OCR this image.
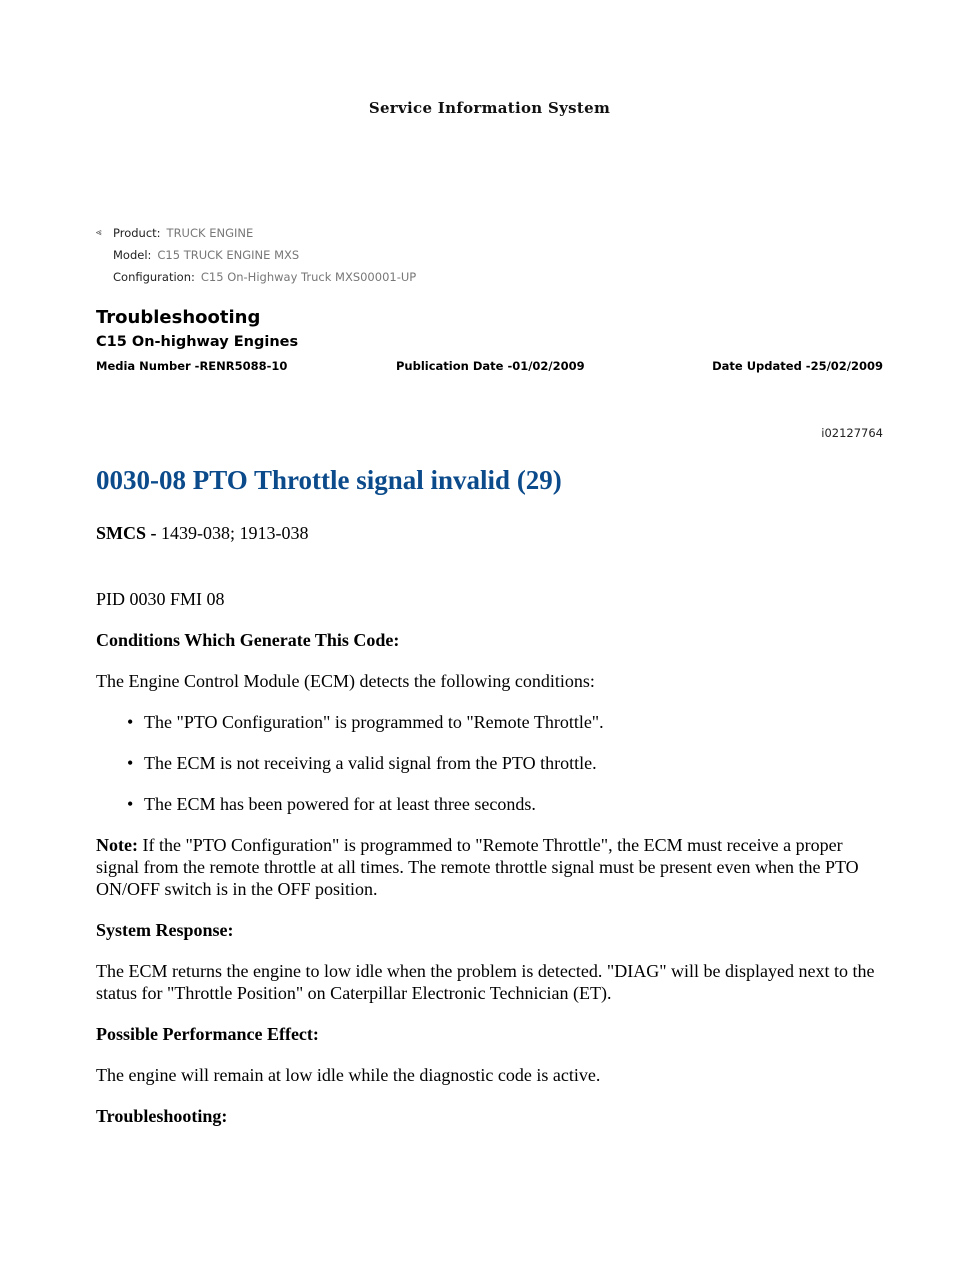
Service Information System
⪡ Product: TRUCK ENGINE
Model: C15 TRUCK ENGINE MXS
Configuration: C15 On-Highway Truck MXS00001-UP
Troubleshooting
C15 On-highway Engines
Media Number -RENR5088-10	Publication Date -01/02/2009	Date Updated -25/02/2009
i02127764
0030-08 PTO Throttle signal invalid (29)

SMCS - 1439-038; 1913-038

PID 0030 FMI 08

Conditions Which Generate This Code:

The Engine Control Module (ECM) detects the following conditions:

• The "PTO Configuration" is programmed to "Remote Throttle".
• The ECM is not receiving a valid signal from the PTO throttle.
• The ECM has been powered for at least three seconds.

Note: If the "PTO Configuration" is programmed to "Remote Throttle", the ECM must receive a proper signal from the remote throttle at all times. The remote throttle signal must be present even when the PTO ON/OFF switch is in the OFF position.

System Response:

The ECM returns the engine to low idle when the problem is detected. "DIAG" will be displayed next to the status for "Throttle Position" on Caterpillar Electronic Technician (ET).

Possible Performance Effect:

The engine will remain at low idle while the diagnostic code is active.

Troubleshooting:
